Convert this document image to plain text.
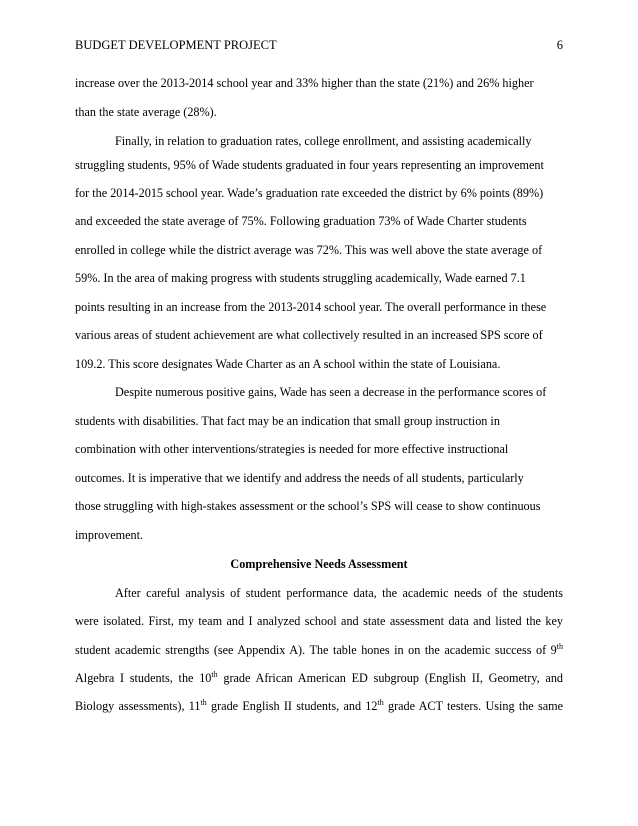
BUDGET DEVELOPMENT PROJECT	6
increase over the 2013-2014 school year and 33% higher than the state (21%) and 26% higher
than the state average (28%).
Finally, in relation to graduation rates, college enrollment, and assisting academically
struggling students, 95% of Wade students graduated in four years representing an improvement
for the 2014-2015 school year. Wade’s graduation rate exceeded the district by 6% points (89%)
and exceeded the state average of 75%. Following graduation 73% of Wade Charter students
enrolled in college while the district average was 72%. This was well above the state average of
59%. In the area of making progress with students struggling academically, Wade earned 7.1
points resulting in an increase from the 2013-2014 school year. The overall performance in these
various areas of student achievement are what collectively resulted in an increased SPS score of
109.2. This score designates Wade Charter as an A school within the state of Louisiana.
Despite numerous positive gains, Wade has seen a decrease in the performance scores of
students with disabilities. That fact may be an indication that small group instruction in
combination with other interventions/strategies is needed for more effective instructional
outcomes. It is imperative that we identify and address the needs of all students, particularly
those struggling with high-stakes assessment or the school’s SPS will cease to show continuous
improvement.
Comprehensive Needs Assessment
After careful analysis of student performance data, the academic needs of the students
were isolated. First, my team and I analyzed school and state assessment data and listed the key
student academic strengths (see Appendix A). The table hones in on the academic success of 9th
Algebra I students, the 10th grade African American ED subgroup (English II, Geometry, and
Biology assessments), 11th grade English II students, and 12th grade ACT testers. Using the same
